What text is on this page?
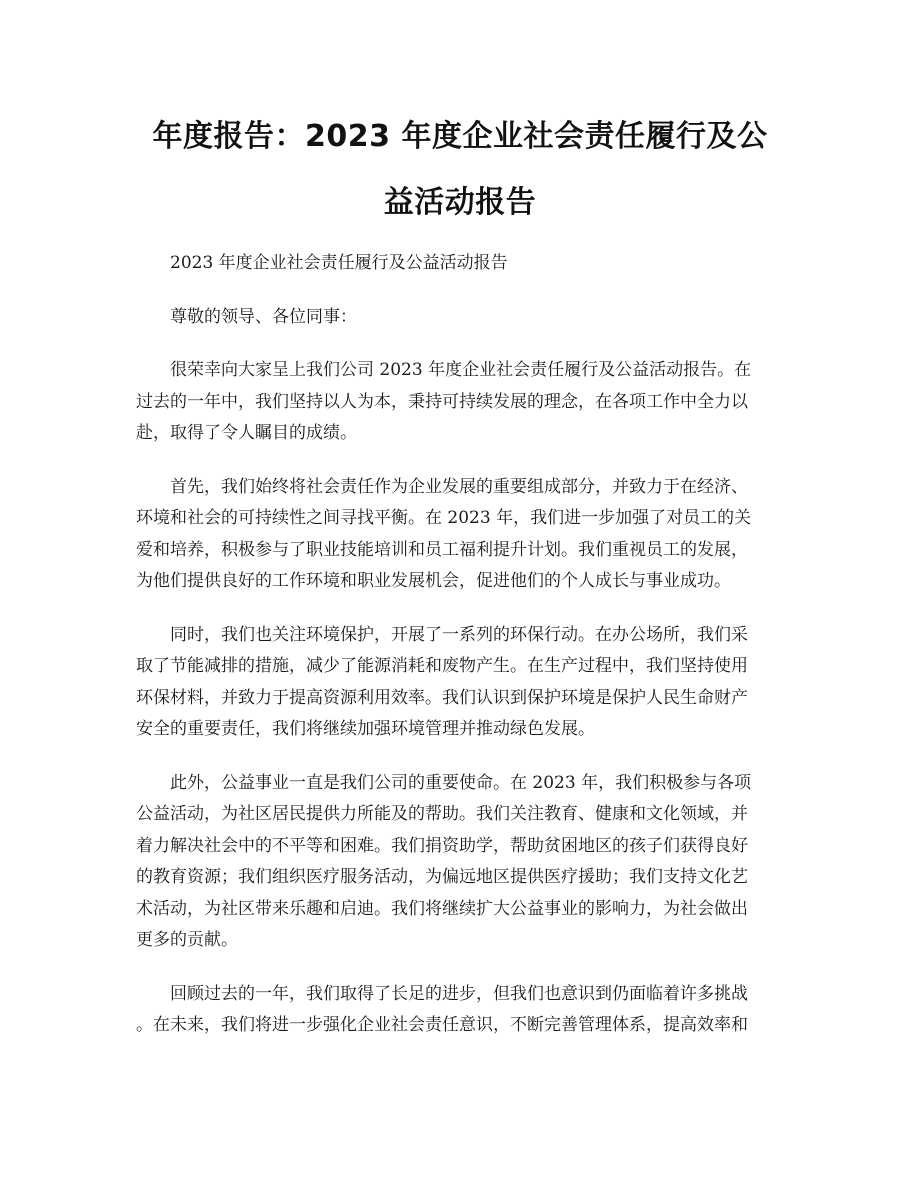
年度报告：2023 年度企业社会责任履行及公
益活动报告

2023 年度企业社会责任履行及公益活动报告

尊敬的领导、各位同事：

很荣幸向大家呈上我们公司 2023 年度企业社会责任履行及公益活动报告。在
过去的一年中，我们坚持以人为本，秉持可持续发展的理念，在各项工作中全力以
赴，取得了令人瞩目的成绩。

首先，我们始终将社会责任作为企业发展的重要组成部分，并致力于在经济、
环境和社会的可持续性之间寻找平衡。在 2023 年，我们进一步加强了对员工的关
爱和培养，积极参与了职业技能培训和员工福利提升计划。我们重视员工的发展，
为他们提供良好的工作环境和职业发展机会，促进他们的个人成长与事业成功。

同时，我们也关注环境保护，开展了一系列的环保行动。在办公场所，我们采
取了节能减排的措施，减少了能源消耗和废物产生。在生产过程中，我们坚持使用
环保材料，并致力于提高资源利用效率。我们认识到保护环境是保护人民生命财产
安全的重要责任，我们将继续加强环境管理并推动绿色发展。

此外，公益事业一直是我们公司的重要使命。在 2023 年，我们积极参与各项
公益活动，为社区居民提供力所能及的帮助。我们关注教育、健康和文化领域，并
着力解决社会中的不平等和困难。我们捐资助学，帮助贫困地区的孩子们获得良好
的教育资源；我们组织医疗服务活动，为偏远地区提供医疗援助；我们支持文化艺
术活动，为社区带来乐趣和启迪。我们将继续扩大公益事业的影响力，为社会做出
更多的贡献。

回顾过去的一年，我们取得了长足的进步，但我们也意识到仍面临着许多挑战
。在未来，我们将进一步强化企业社会责任意识，不断完善管理体系，提高效率和
